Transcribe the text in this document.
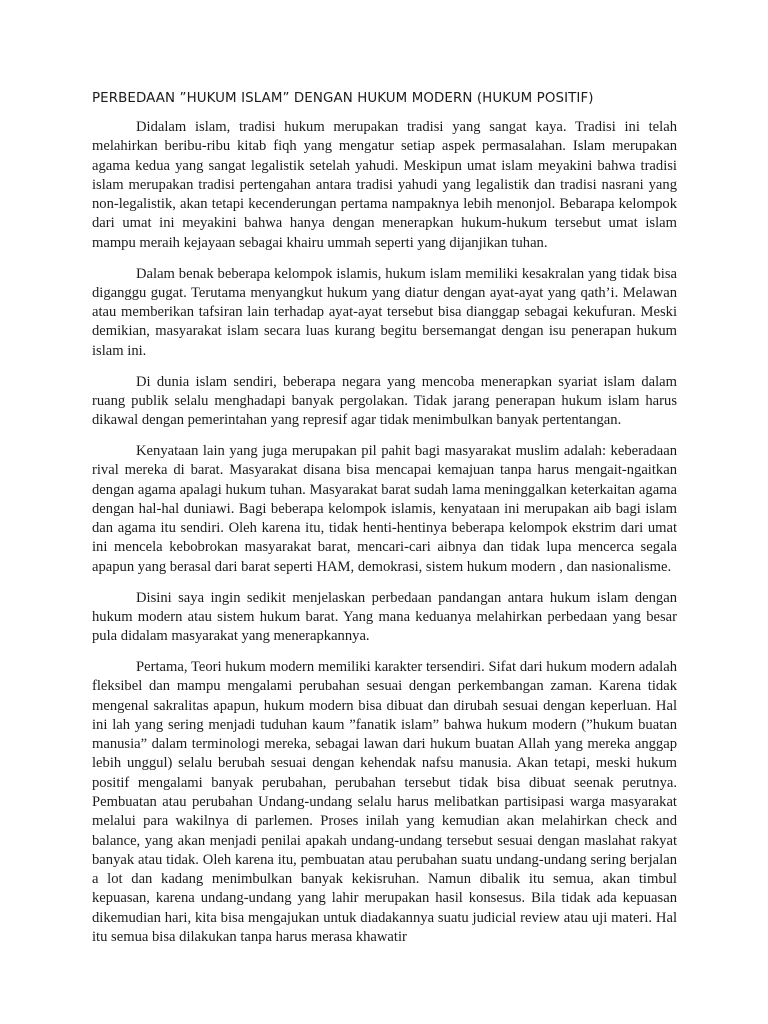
PERBEDAAN ”HUKUM ISLAM” DENGAN HUKUM MODERN (HUKUM POSITIF)

Didalam islam, tradisi hukum merupakan tradisi yang sangat kaya. Tradisi ini telah melahirkan beribu-ribu kitab fiqh yang mengatur setiap aspek permasalahan. Islam merupakan agama kedua yang sangat legalistik setelah yahudi. Meskipun umat islam meyakini bahwa tradisi islam merupakan tradisi pertengahan antara tradisi yahudi yang legalistik dan tradisi nasrani yang non-legalistik, akan tetapi kecenderungan pertama nampaknya lebih menonjol. Bebarapa kelompok dari umat ini meyakini bahwa hanya dengan menerapkan hukum-hukum tersebut umat islam mampu meraih kejayaan sebagai khairu ummah seperti yang dijanjikan tuhan.

Dalam benak beberapa kelompok islamis, hukum islam memiliki kesakralan yang tidak bisa diganggu gugat. Terutama menyangkut hukum yang diatur dengan ayat-ayat yang qath’i. Melawan atau memberikan tafsiran lain terhadap ayat-ayat tersebut bisa dianggap sebagai kekufuran. Meski demikian, masyarakat islam secara luas kurang begitu bersemangat dengan isu penerapan hukum islam ini.

Di dunia islam sendiri, beberapa negara yang mencoba menerapkan syariat islam dalam ruang publik selalu menghadapi banyak pergolakan. Tidak jarang penerapan hukum islam harus dikawal dengan pemerintahan yang represif agar tidak menimbulkan banyak pertentangan.

Kenyataan lain yang juga merupakan pil pahit bagi masyarakat muslim adalah: keberadaan rival mereka di barat. Masyarakat disana bisa mencapai kemajuan tanpa harus mengait-ngaitkan dengan agama apalagi hukum tuhan. Masyarakat barat sudah lama meninggalkan keterkaitan agama dengan hal-hal duniawi. Bagi beberapa kelompok islamis, kenyataan ini merupakan aib bagi islam dan agama itu sendiri. Oleh karena itu, tidak henti-hentinya beberapa kelompok ekstrim dari umat ini mencela kebobrokan masyarakat barat, mencari-cari aibnya dan tidak lupa mencerca segala apapun yang berasal dari barat seperti HAM, demokrasi, sistem hukum modern , dan nasionalisme.

Disini saya ingin sedikit menjelaskan perbedaan pandangan antara hukum islam dengan hukum modern atau sistem hukum barat. Yang mana keduanya melahirkan perbedaan yang besar pula didalam masyarakat yang menerapkannya.

Pertama, Teori hukum modern memiliki karakter tersendiri. Sifat dari hukum modern adalah fleksibel dan mampu mengalami perubahan sesuai dengan perkembangan zaman. Karena tidak mengenal sakralitas apapun, hukum modern bisa dibuat dan dirubah sesuai dengan keperluan. Hal ini lah yang sering menjadi tuduhan kaum ”fanatik islam” bahwa hukum modern (”hukum buatan manusia” dalam terminologi mereka, sebagai lawan dari hukum buatan Allah yang mereka anggap lebih unggul) selalu berubah sesuai dengan kehendak nafsu manusia. Akan tetapi, meski hukum positif mengalami banyak perubahan, perubahan tersebut tidak bisa dibuat seenak perutnya. Pembuatan atau perubahan Undang-undang selalu harus melibatkan partisipasi warga masyarakat melalui para wakilnya di parlemen. Proses inilah yang kemudian akan melahirkan check and balance, yang akan menjadi penilai apakah undang-undang tersebut sesuai dengan maslahat rakyat banyak atau tidak. Oleh karena itu, pembuatan atau perubahan suatu undang-undang sering berjalan a lot dan kadang menimbulkan banyak kekisruhan. Namun dibalik itu semua, akan timbul kepuasan, karena undang-undang yang lahir merupakan hasil konsesus. Bila tidak ada kepuasan dikemudian hari, kita bisa mengajukan untuk diadakannya suatu judicial review atau uji materi. Hal itu semua bisa dilakukan tanpa harus merasa khawatir
